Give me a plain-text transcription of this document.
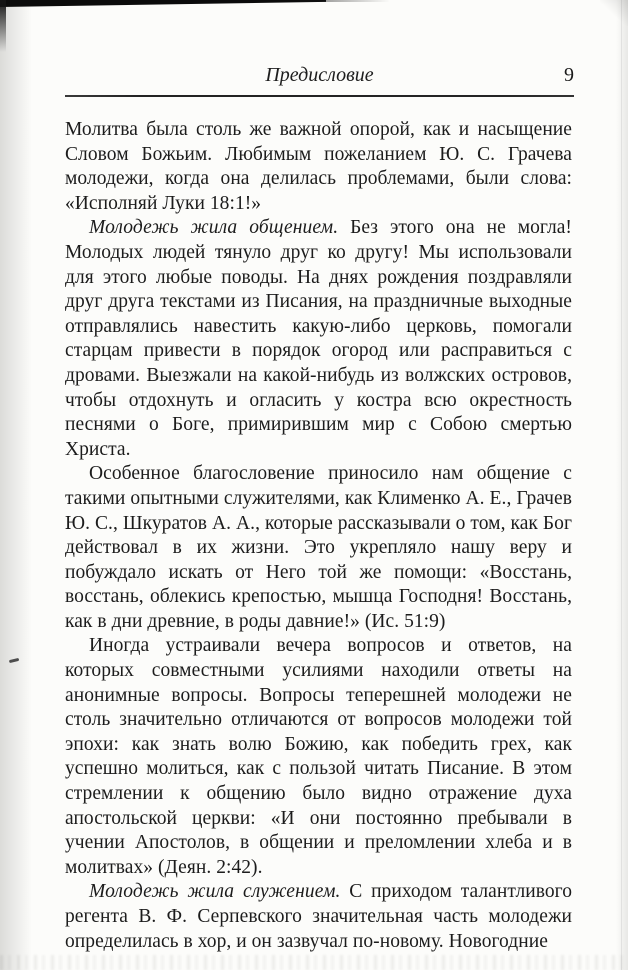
Предисловие	9

Молитва была столь же важной опорой, как и насыщение Словом Божьим. Любимым пожеланием Ю. С. Грачева молодежи, когда она делилась проблемами, были слова: «Исполняй Луки 18:1!»

Молодежь жила общением. Без этого она не могла! Молодых людей тянуло друг ко другу! Мы использовали для этого любые поводы. На днях рождения поздравляли друг друга текстами из Писания, на праздничные выходные отправлялись навестить какую-либо церковь, помогали старцам привести в порядок огород или расправиться с дровами. Выезжали на какой-нибудь из волжских островов, чтобы отдохнуть и огласить у костра всю окрестность песнями о Боге, примирившим мир с Собою смертью Христа.

Особенное благословение приносило нам общение с такими опытными служителями, как Клименко А. Е., Грачев Ю. С., Шкуратов А. А., которые рассказывали о том, как Бог действовал в их жизни. Это укрепляло нашу веру и побуждало искать от Него той же помощи: «Восстань, восстань, облекись крепостью, мышца Господня! Восстань, как в дни древние, в роды давние!» (Ис. 51:9)

Иногда устраивали вечера вопросов и ответов, на которых совместными усилиями находили ответы на анонимные вопросы. Вопросы теперешней молодежи не столь значительно отличаются от вопросов молодежи той эпохи: как знать волю Божию, как победить грех, как успешно молиться, как с пользой читать Писание. В этом стремлении к общению было видно отражение духа апостольской церкви: «И они постоянно пребывали в учении Апостолов, в общении и преломлении хлеба и в молитвах» (Деян. 2:42).

Молодежь жила служением. С приходом талантливого регента В. Ф. Серпевского значительная часть молодежи определилась в хор, и он зазвучал по-новому. Новогодние
